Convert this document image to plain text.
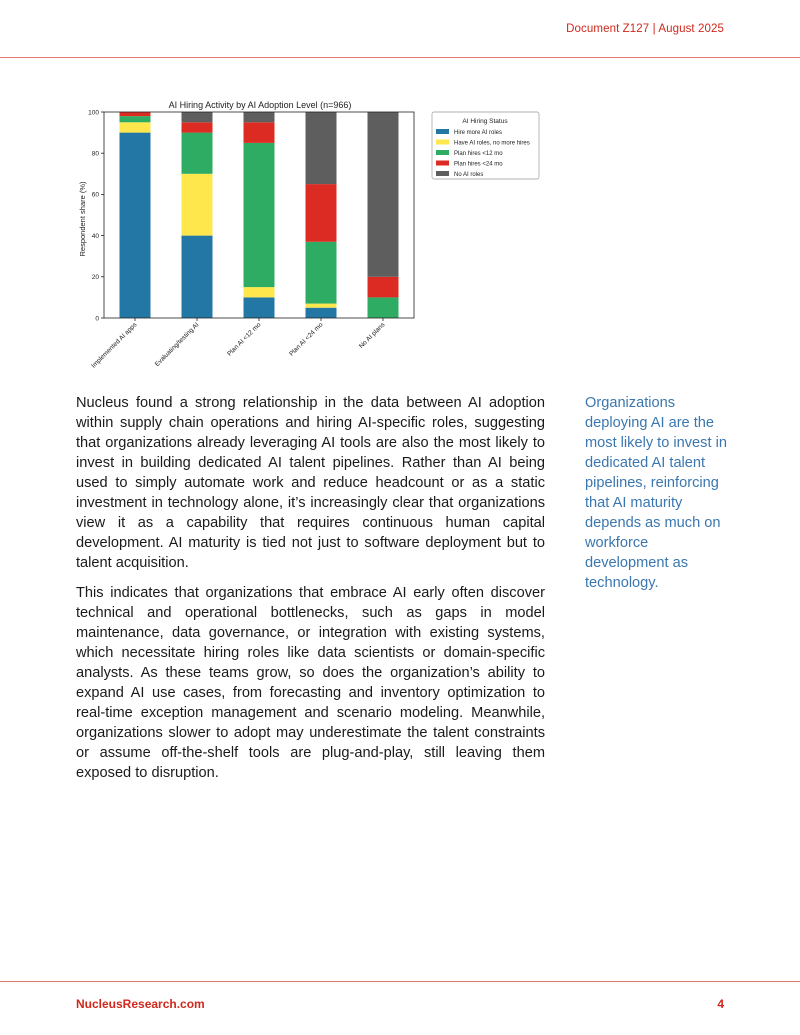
Document Z127 | August 2025
AI Hiring Activity by AI Adoption Level (n=966)
Respondent share (%)
0
20
40
60
80
100
Implemented AI apps Evaluating/testing AI	Plan AI <12 mo	Plan AI <24 mo	No AI plans
AI Hiring Status
Hire more AI roles
Have AI roles, no more hires
Plan hires <12 mo
Plan hires <24 mo
No AI roles

Nucleus found a strong relationship in the data between AI adoption within supply chain operations and hiring AI-specific roles, suggesting that organizations already leveraging AI tools are also the most likely to invest in building dedicated AI talent pipelines. Rather than AI being used to simply automate work and reduce headcount or as a static investment in technology alone, it’s increasingly clear that organizations view it as a capability that requires continuous human capital development. AI maturity is tied not just to software deployment but to talent acquisition.

This indicates that organizations that embrace AI early often discover technical and operational bottlenecks, such as gaps in model maintenance, data governance, or integration with existing systems, which necessitate hiring roles like data scientists or domain-specific analysts. As these teams grow, so does the organization’s ability to expand AI use cases, from forecasting and inventory optimization to real-time exception management and scenario modeling. Meanwhile, organizations slower to adopt may underestimate the talent constraints or assume off-the-shelf tools are plug-and-play, still leaving them exposed to disruption.

Organizations deploying AI are the most likely to invest in dedicated AI talent pipelines, reinforcing that AI maturity depends as much on workforce development as technology.
NucleusResearch.com	4
